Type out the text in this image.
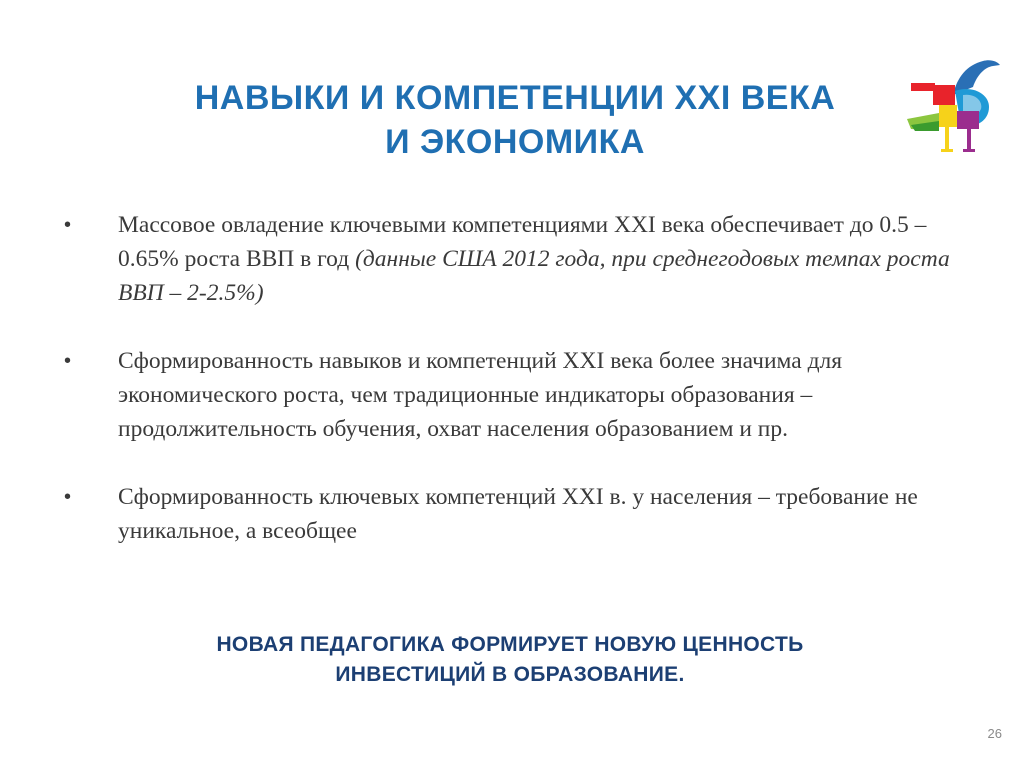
НАВЫКИ И КОМПЕТЕНЦИИ XXI ВЕКА
И ЭКОНОМИКА
• Массовое овладение ключевыми компетенциями XXI века обеспечивает до 0.5 – 0.65% роста ВВП в год (данные США 2012 года, при среднегодовых темпах роста ВВП – 2-2.5%)
• Сформированность навыков и компетенций XXI века более значима для экономического роста, чем традиционные индикаторы образования – продолжительность обучения, охват населения образованием и пр.
• Сформированность ключевых компетенций XXI в. у населения – требование не уникальное, а всеобщее

НОВАЯ ПЕДАГОГИКА ФОРМИРУЕТ НОВУЮ ЦЕННОСТЬ
ИНВЕСТИЦИЙ В ОБРАЗОВАНИЕ.

26
